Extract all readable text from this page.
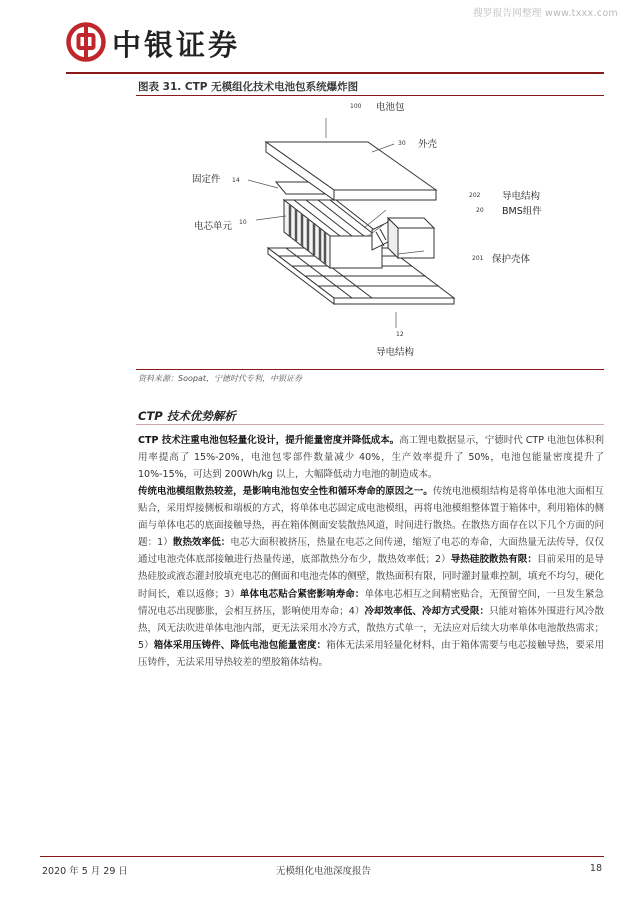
搜罗报告网整理 www.txxx.com
中银证券
图表 31. CTP 无模组化技术电池包系统爆炸图
100
30
14
202
20
10
201
12
电池包
外壳
固定件
导电结构
BMS组件
电芯单元
保护壳体
导电结构
资料来源：Soopat，宁德时代专利，中银证券
CTP 技术优势解析
CTP 技术注重电池包轻量化设计，提升能量密度并降低成本。高工锂电数据显示，宁德时代 CTP 电池包体积利用率提高了 15%-20%，电池包零部件数量减少 40%，生产效率提升了 50%，电池包能量密度提升了 10%-15%，可达到 200Wh/kg 以上，大幅降低动力电池的制造成本。
传统电池模组散热较差，是影响电池包安全性和循环寿命的原因之一。传统电池模组结构是将单体电池大面相互贴合，采用焊接侧板和端板的方式，将单体电芯固定成电池模组，再将电池模组整体置于箱体中，利用箱体的侧面与单体电芯的底面接触导热，再在箱体侧面安装散热风道，时间进行散热。在散热方面存在以下几个方面的问题：1）散热效率低：电芯大面积被挤压，热量在电芯之间传递，缩短了电芯的寿命，大面热量无法传导，仅仅通过电池壳体底部接触进行热量传递，底部散热分布少，散热效率低；2）导热硅胶散热有限：目前采用的是导热硅胶或液态灌封胶填充电芯的侧面和电池壳体的侧壁，散热面积有限，同时灌封量难控制，填充不均匀，硬化时间长，难以返修；3）单体电芯贴合紧密影响寿命：单体电芯相互之间精密贴合，无预留空间，一旦发生紧急情况电芯出现膨胀，会相互挤压，影响使用寿命；4）冷却效率低、冷却方式受限：只能对箱体外围进行风冷散热，风无法吹进单体电池内部，更无法采用水冷方式，散热方式单一，无法应对后续大功率单体电池散热需求；5）箱体采用压铸件、降低电池包能量密度：箱体无法采用轻量化材料，由于箱体需要与电芯接触导热，要采用压铸件，无法采用导热较差的塑胶箱体结构。
2020 年 5 月 29 日	无模组化电池深度报告	18
